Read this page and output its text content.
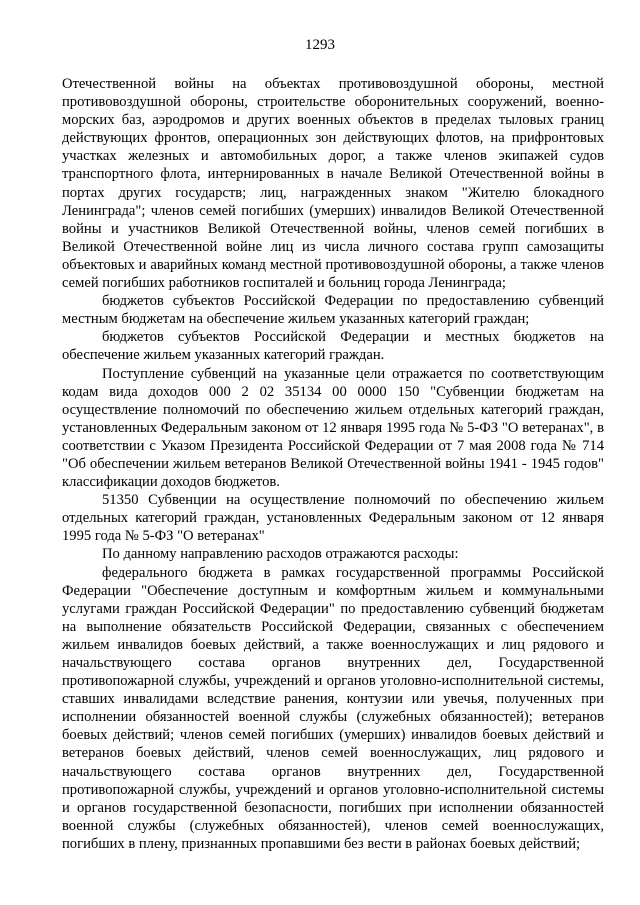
1293

Отечественной войны на объектах противовоздушной обороны, местной противовоздушной обороны, строительстве оборонительных сооружений, военно-морских баз, аэродромов и других военных объектов в пределах тыловых границ действующих фронтов, операционных зон действующих флотов, на прифронтовых участках железных и автомобильных дорог, а также членов экипажей судов транспортного флота, интернированных в начале Великой Отечественной войны в портах других государств; лиц, награжденных знаком "Жителю блокадного Ленинграда"; членов семей погибших (умерших) инвалидов Великой Отечественной войны и участников Великой Отечественной войны, членов семей погибших в Великой Отечественной войне лиц из числа личного состава групп самозащиты объектовых и аварийных команд местной противовоздушной обороны, а также членов семей погибших работников госпиталей и больниц города Ленинграда;

бюджетов субъектов Российской Федерации по предоставлению субвенций местным бюджетам на обеспечение жильем указанных категорий граждан;

бюджетов субъектов Российской Федерации и местных бюджетов на обеспечение жильем указанных категорий граждан.

Поступление субвенций на указанные цели отражается по соответствующим кодам вида доходов 000 2 02 35134 00 0000 150 "Субвенции бюджетам на осуществление полномочий по обеспечению жильем отдельных категорий граждан, установленных Федеральным законом от 12 января 1995 года № 5-ФЗ "О ветеранах", в соответствии с Указом Президента Российской Федерации от 7 мая 2008 года № 714 "Об обеспечении жильем ветеранов Великой Отечественной войны 1941 - 1945 годов" классификации доходов бюджетов.

51350 Субвенции на осуществление полномочий по обеспечению жильем отдельных категорий граждан, установленных Федеральным законом от 12 января 1995 года № 5-ФЗ "О ветеранах"

По данному направлению расходов отражаются расходы:

федерального бюджета в рамках государственной программы Российской Федерации "Обеспечение доступным и комфортным жильем и коммунальными услугами граждан Российской Федерации" по предоставлению субвенций бюджетам на выполнение обязательств Российской Федерации, связанных с обеспечением жильем инвалидов боевых действий, а также военнослужащих и лиц рядового и начальствующего состава органов внутренних дел, Государственной противопожарной службы, учреждений и органов уголовно-исполнительной системы, ставших инвалидами вследствие ранения, контузии или увечья, полученных при исполнении обязанностей военной службы (служебных обязанностей); ветеранов боевых действий; членов семей погибших (умерших) инвалидов боевых действий и ветеранов боевых действий, членов семей военнослужащих, лиц рядового и начальствующего состава органов внутренних дел, Государственной противопожарной службы, учреждений и органов уголовно-исполнительной системы и органов государственной безопасности, погибших при исполнении обязанностей военной службы (служебных обязанностей), членов семей военнослужащих, погибших в плену, признанных пропавшими без вести в районах боевых действий;
